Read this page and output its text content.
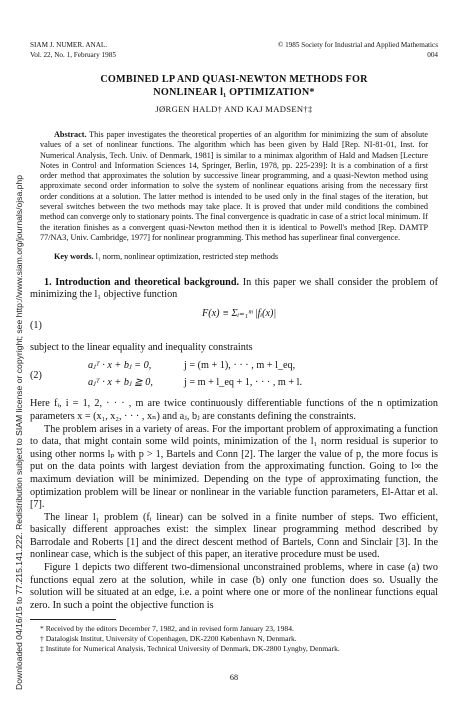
Downloaded 04/16/15 to 77.215.141.222. Redistribution subject to SIAM license or copyright; see http://www.siam.org/journals/ojsa.php
SIAM J. NUMER. ANAL.	© 1985 Society for Industrial and Applied Mathematics
Vol. 22, No. 1, February 1985	004
COMBINED LP AND QUASI-NEWTON METHODS FOR
NONLINEAR l₁ OPTIMIZATION*
JØRGEN HALD† AND KAJ MADSEN†‡
Abstract. This paper investigates the theoretical properties of an algorithm for minimizing the sum of absolute values of a set of nonlinear functions. The algorithm which has been given by Hald [Rep. NI-81-01, Inst. for Numerical Analysis, Tech. Univ. of Denmark, 1981] is similar to a minimax algorithm of Hald and Madsen [Lecture Notes in Control and Information Sciences 14, Springer, Berlin, 1978, pp. 225-239]: It is a combination of a first order method that approximates the solution by successive linear programming, and a quasi-Newton method using approximate second order information to solve the system of nonlinear equations arising from the necessary first order conditions at a solution. The latter method is intended to be used only in the final stages of the iteration, but several switches between the two methods may take place. It is proved that under mild conditions the combined method can converge only to stationary points. The final convergence is quadratic in case of a strict local minimum. If the iteration finishes as a convergent quasi-Newton method then it is identical to Powell's method [Rep. DAMTP 77/NA3, Univ. Cambridge, 1977] for nonlinear programming. This method has superlinear final convergence.
Key words. l₁ norm, nonlinear optimization, restricted step methods
1. Introduction and theoretical background. In this paper we shall consider the problem of minimizing the l₁ objective function
(1)
F(x) ≡ Σᵢ₌₁ᵐ |fᵢ(x)|
subject to the linear equality and inequality constraints
(2)
aⱼᵀ · x + bⱼ = 0,	j = (m + 1), · · · , m + l_eq,
aⱼᵀ · x + bⱼ ≧ 0,	j = m + l_eq + 1, · · · , m + l.
Here fᵢ, i = 1, 2, · · · , m are twice continuously differentiable functions of the n optimization parameters x = (x₁, x₂, · · · , xₙ) and aⱼ, bⱼ are constants defining the constraints.
The problem arises in a variety of areas. For the important problem of approximating a function to data, that might contain some wild points, minimization of the l₁ norm residual is superior to using other norms lₚ with p > 1, Bartels and Conn [2]. The larger the value of p, the more focus is put on the data points with largest deviation from the approximating function. Going to l∞ the maximum deviation will be minimized. Depending on the type of approximating function, the optimization problem will be linear or nonlinear in the variable function parameters, El-Attar et al. [7].
The linear l₁ problem (fᵢ linear) can be solved in a finite number of steps. Two efficient, basically different approaches exist: the simplex linear programming method described by Barrodale and Roberts [1] and the direct descent method of Bartels, Conn and Sinclair [3]. In the nonlinear case, which is the subject of this paper, an iterative procedure must be used.
Figure 1 depicts two different two-dimensional unconstrained problems, where in case (a) two functions equal zero at the solution, while in case (b) only one function does so. Usually the solution will be situated at an edge, i.e. a point where one or more of the nonlinear functions equal zero. In such a point the objective function is
* Received by the editors December 7, 1982, and in revised form January 23, 1984.
† Datalogisk Institut, University of Copenhagen, DK-2200 København N, Denmark.
‡ Institute for Numerical Analysis, Technical University of Denmark, DK-2800 Lyngby, Denmark.
68
